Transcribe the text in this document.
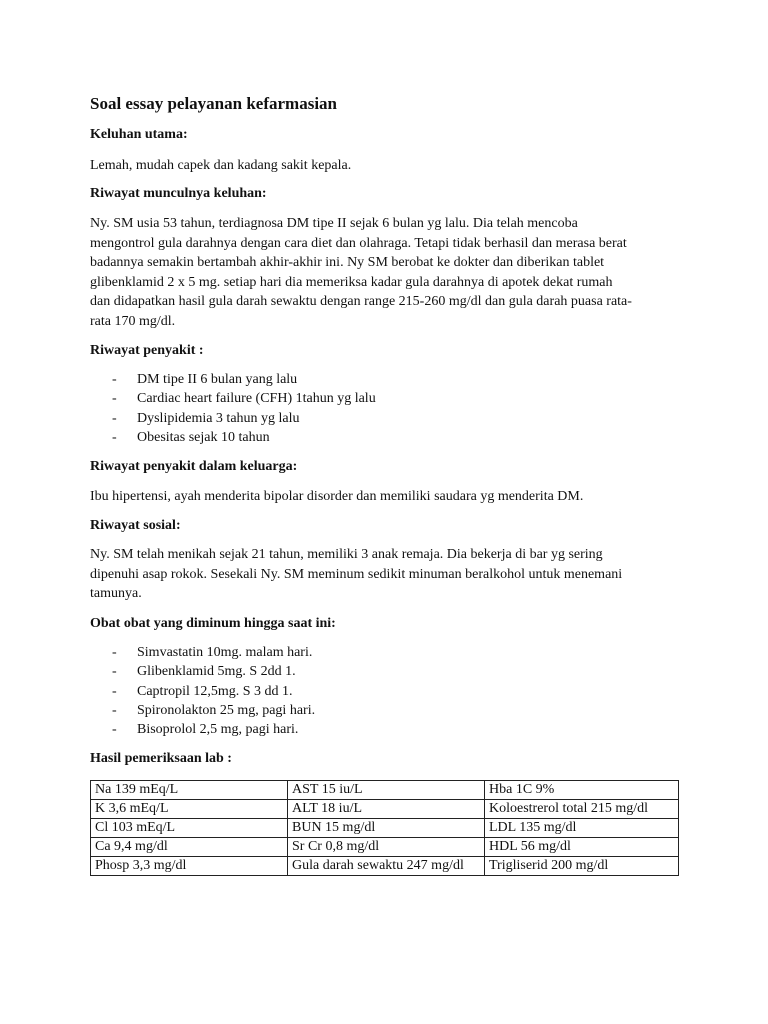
Soal essay pelayanan kefarmasian
Keluhan utama:
Lemah, mudah capek dan kadang sakit kepala.
Riwayat munculnya keluhan:
Ny. SM usia 53 tahun, terdiagnosa DM tipe II sejak 6 bulan yg lalu. Dia telah mencoba
mengontrol gula darahnya dengan cara diet dan olahraga. Tetapi tidak berhasil dan merasa berat
badannya semakin bertambah akhir-akhir ini. Ny SM berobat ke dokter dan diberikan tablet
glibenklamid 2 x 5 mg. setiap hari dia memeriksa kadar gula darahnya di apotek dekat rumah
dan didapatkan hasil gula darah sewaktu dengan range 215-260 mg/dl dan gula darah puasa rata-
rata 170 mg/dl.
Riwayat penyakit :
- DM tipe II 6 bulan yang lalu
- Cardiac heart failure (CFH) 1tahun yg lalu
- Dyslipidemia 3 tahun yg lalu
- Obesitas sejak 10 tahun
Riwayat penyakit dalam keluarga:
Ibu hipertensi, ayah menderita bipolar disorder dan memiliki saudara yg menderita DM.
Riwayat sosial:
Ny. SM telah menikah sejak 21 tahun, memiliki 3 anak remaja. Dia bekerja di bar yg sering
dipenuhi asap rokok. Sesekali Ny. SM meminum sedikit minuman beralkohol untuk menemani
tamunya.
Obat obat yang diminum hingga saat ini:
- Simvastatin 10mg. malam hari.
- Glibenklamid 5mg. S 2dd 1.
- Captropil 12,5mg. S 3 dd 1.
- Spironolakton 25 mg, pagi hari.
- Bisoprolol 2,5 mg, pagi hari.
Hasil pemeriksaan lab :
Na 139 mEq/L	AST 15 iu/L	Hba 1C 9%
K 3,6 mEq/L	ALT 18 iu/L	Koloestrerol total 215 mg/dl
Cl 103 mEq/L	BUN 15 mg/dl	LDL 135 mg/dl
Ca 9,4 mg/dl	Sr Cr 0,8 mg/dl	HDL 56 mg/dl
Phosp 3,3 mg/dl	Gula darah sewaktu 247 mg/dl	Trigliserid 200 mg/dl
